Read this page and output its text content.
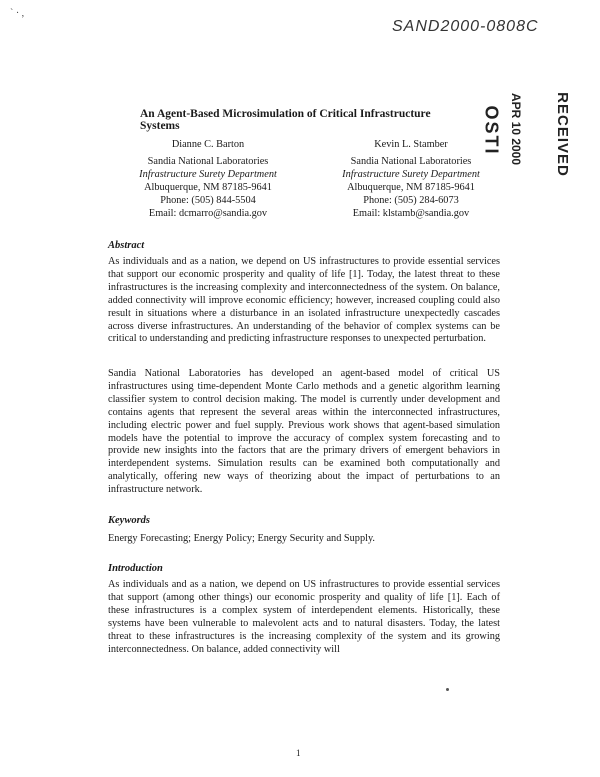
` · ,
SAND2000-0808C
RECEIVED
APR 10 2000
OSTI
An Agent-Based Microsimulation of Critical Infrastructure Systems
Dianne C. Barton
Sandia National Laboratories
Infrastructure Surety Department
Albuquerque, NM 87185-9641
Phone: (505) 844-5504
Email: dcmarro@sandia.gov
Kevin L. Stamber
Sandia National Laboratories
Infrastructure Surety Department
Albuquerque, NM 87185-9641
Phone: (505) 284-6073
Email: klstamb@sandia.gov
Abstract
As individuals and as a nation, we depend on US infrastructures to provide essential services that support our economic prosperity and quality of life [1]. Today, the latest threat to these infrastructures is the increasing complexity and interconnectedness of the system. On balance, added connectivity will improve economic efficiency; however, increased coupling could also result in situations where a disturbance in an isolated infrastructure unexpectedly cascades across diverse infrastructures. An understanding of the behavior of complex systems can be critical to understanding and predicting infrastructure responses to unexpected perturbation.
Sandia National Laboratories has developed an agent-based model of critical US infrastructures using time-dependent Monte Carlo methods and a genetic algorithm learning classifier system to control decision making. The model is currently under development and contains agents that represent the several areas within the interconnected infrastructures, including electric power and fuel supply. Previous work shows that agent-based simulation models have the potential to improve the accuracy of complex system forecasting and to provide new insights into the factors that are the primary drivers of emergent behaviors in interdependent systems. Simulation results can be examined both computationally and analytically, offering new ways of theorizing about the impact of perturbations to an infrastructure network.
Keywords
Energy Forecasting; Energy Policy; Energy Security and Supply.
Introduction
As individuals and as a nation, we depend on US infrastructures to provide essential services that support (among other things) our economic prosperity and quality of life [1]. Each of these infrastructures is a complex system of interdependent elements. Historically, these systems have been vulnerable to malevolent acts and to natural disasters. Today, the latest threat to these infrastructures is the increasing complexity of the system and its growing interconnectedness. On balance, added connectivity will
1
